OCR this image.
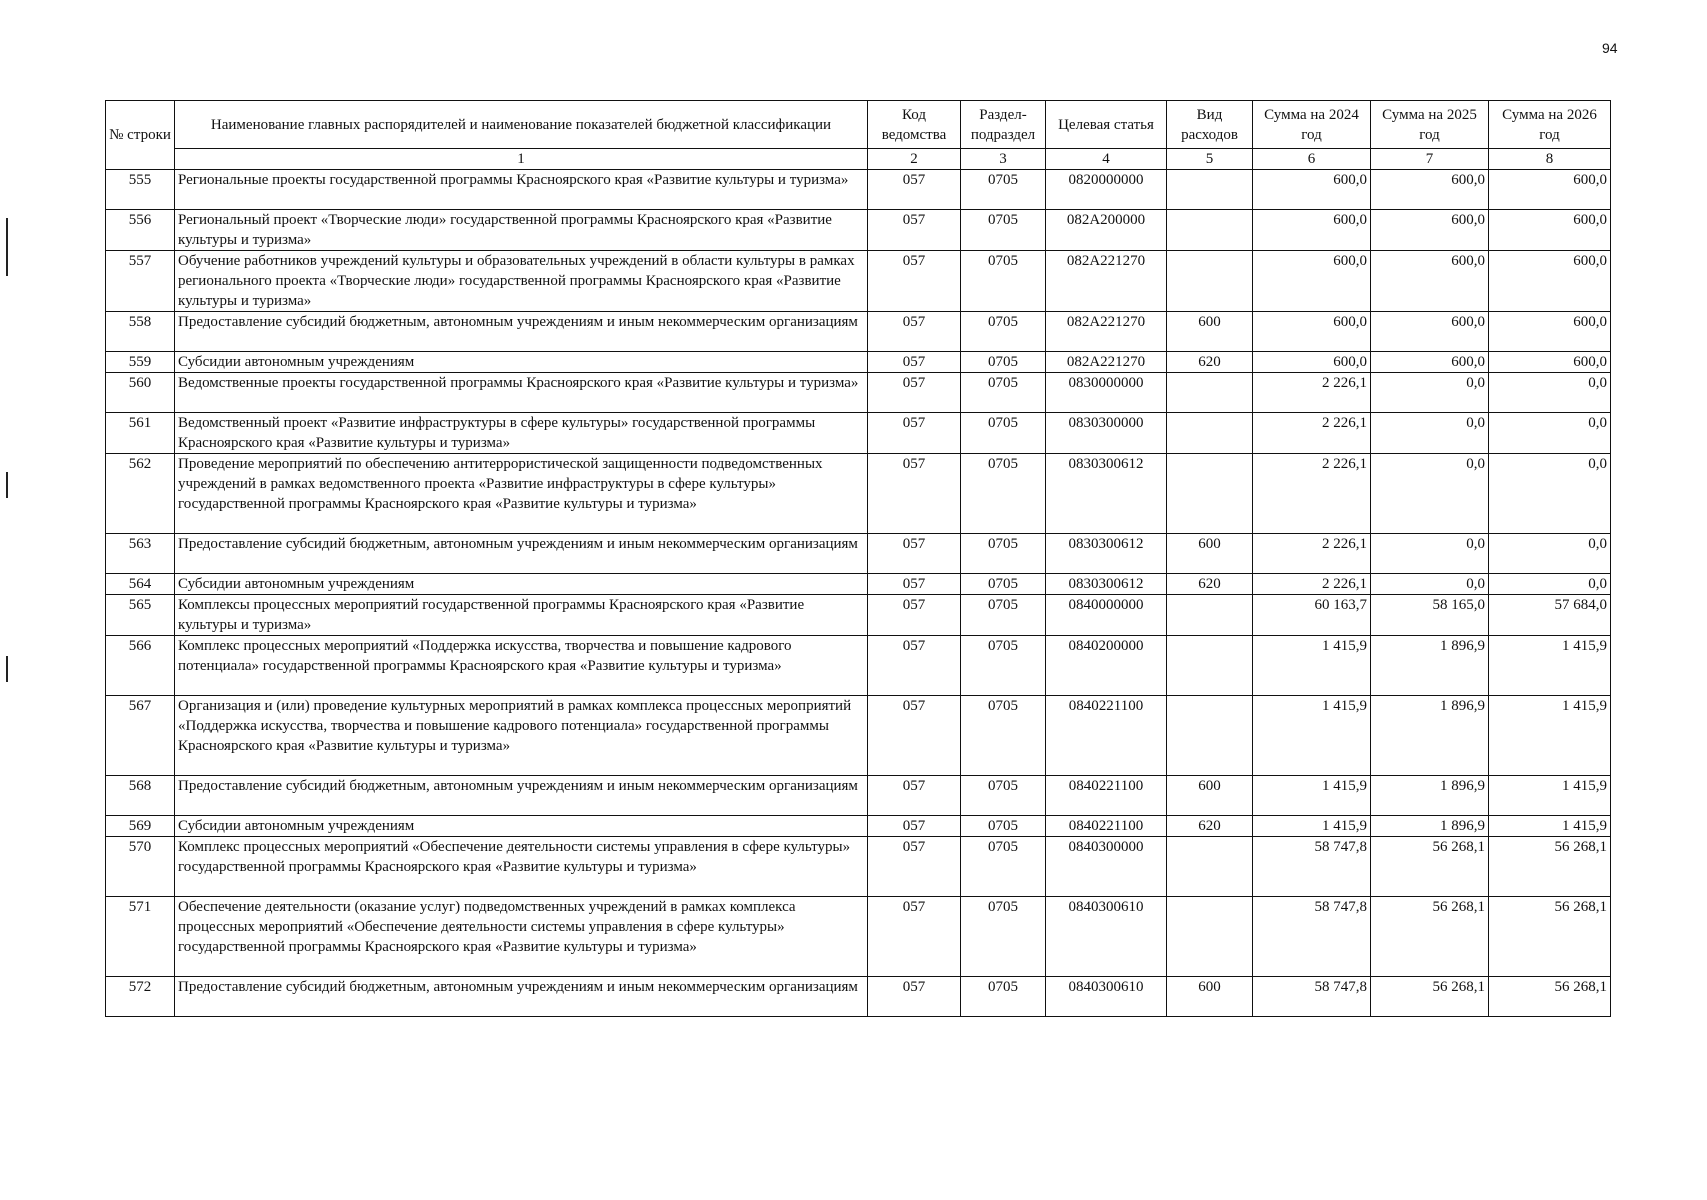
94
№ строки	Наименование главных распорядителей и наименование показателей бюджетной классификации	Код ведомства	Раздел-подраздел	Целевая статья	Вид расходов	Сумма на 2024 год	Сумма на 2025 год	Сумма на 2026 год
	1	2	3	4	5	6	7	8
555	Региональные проекты государственной программы Красноярского края «Развитие культуры и туризма»	057	0705	0820000000		600,0	600,0	600,0
556	Региональный проект «Творческие люди» государственной программы Красноярского края «Развитие культуры и туризма»	057	0705	082A200000		600,0	600,0	600,0
557	Обучение работников учреждений культуры и образовательных учреждений в области культуры в рамках регионального проекта «Творческие люди» государственной программы Красноярского края «Развитие культуры и туризма»	057	0705	082A221270		600,0	600,0	600,0
558	Предоставление субсидий бюджетным, автономным учреждениям и иным некоммерческим организациям	057	0705	082A221270	600	600,0	600,0	600,0
559	Субсидии автономным учреждениям	057	0705	082A221270	620	600,0	600,0	600,0
560	Ведомственные проекты государственной программы Красноярского края «Развитие культуры и туризма»	057	0705	0830000000		2 226,1	0,0	0,0
561	Ведомственный проект «Развитие инфраструктуры в сфере культуры» государственной программы Красноярского края «Развитие культуры и туризма»	057	0705	0830300000		2 226,1	0,0	0,0
562	Проведение мероприятий по обеспечению антитеррористической защищенности подведомственных учреждений в рамках ведомственного проекта «Развитие инфраструктуры в сфере культуры» государственной программы Красноярского края «Развитие культуры и туризма»	057	0705	0830300612		2 226,1	0,0	0,0
563	Предоставление субсидий бюджетным, автономным учреждениям и иным некоммерческим организациям	057	0705	0830300612	600	2 226,1	0,0	0,0
564	Субсидии автономным учреждениям	057	0705	0830300612	620	2 226,1	0,0	0,0
565	Комплексы процессных мероприятий государственной программы Красноярского края «Развитие культуры и туризма»	057	0705	0840000000		60 163,7	58 165,0	57 684,0
566	Комплекс процессных мероприятий «Поддержка искусства, творчества и повышение кадрового потенциала» государственной программы Красноярского края «Развитие культуры и туризма»	057	0705	0840200000		1 415,9	1 896,9	1 415,9
567	Организация и (или) проведение культурных мероприятий в рамках комплекса процессных мероприятий «Поддержка искусства, творчества и повышение кадрового потенциала» государственной программы Красноярского края «Развитие культуры и туризма»	057	0705	0840221100		1 415,9	1 896,9	1 415,9
568	Предоставление субсидий бюджетным, автономным учреждениям и иным некоммерческим организациям	057	0705	0840221100	600	1 415,9	1 896,9	1 415,9
569	Субсидии автономным учреждениям	057	0705	0840221100	620	1 415,9	1 896,9	1 415,9
570	Комплекс процессных мероприятий «Обеспечение деятельности системы управления в сфере культуры» государственной программы Красноярского края «Развитие культуры и туризма»	057	0705	0840300000		58 747,8	56 268,1	56 268,1
571	Обеспечение деятельности (оказание услуг) подведомственных учреждений в рамках комплекса процессных мероприятий «Обеспечение деятельности системы управления в сфере культуры» государственной программы Красноярского края «Развитие культуры и туризма»	057	0705	0840300610		58 747,8	56 268,1	56 268,1
572	Предоставление субсидий бюджетным, автономным учреждениям и иным некоммерческим организациям	057	0705	0840300610	600	58 747,8	56 268,1	56 268,1
